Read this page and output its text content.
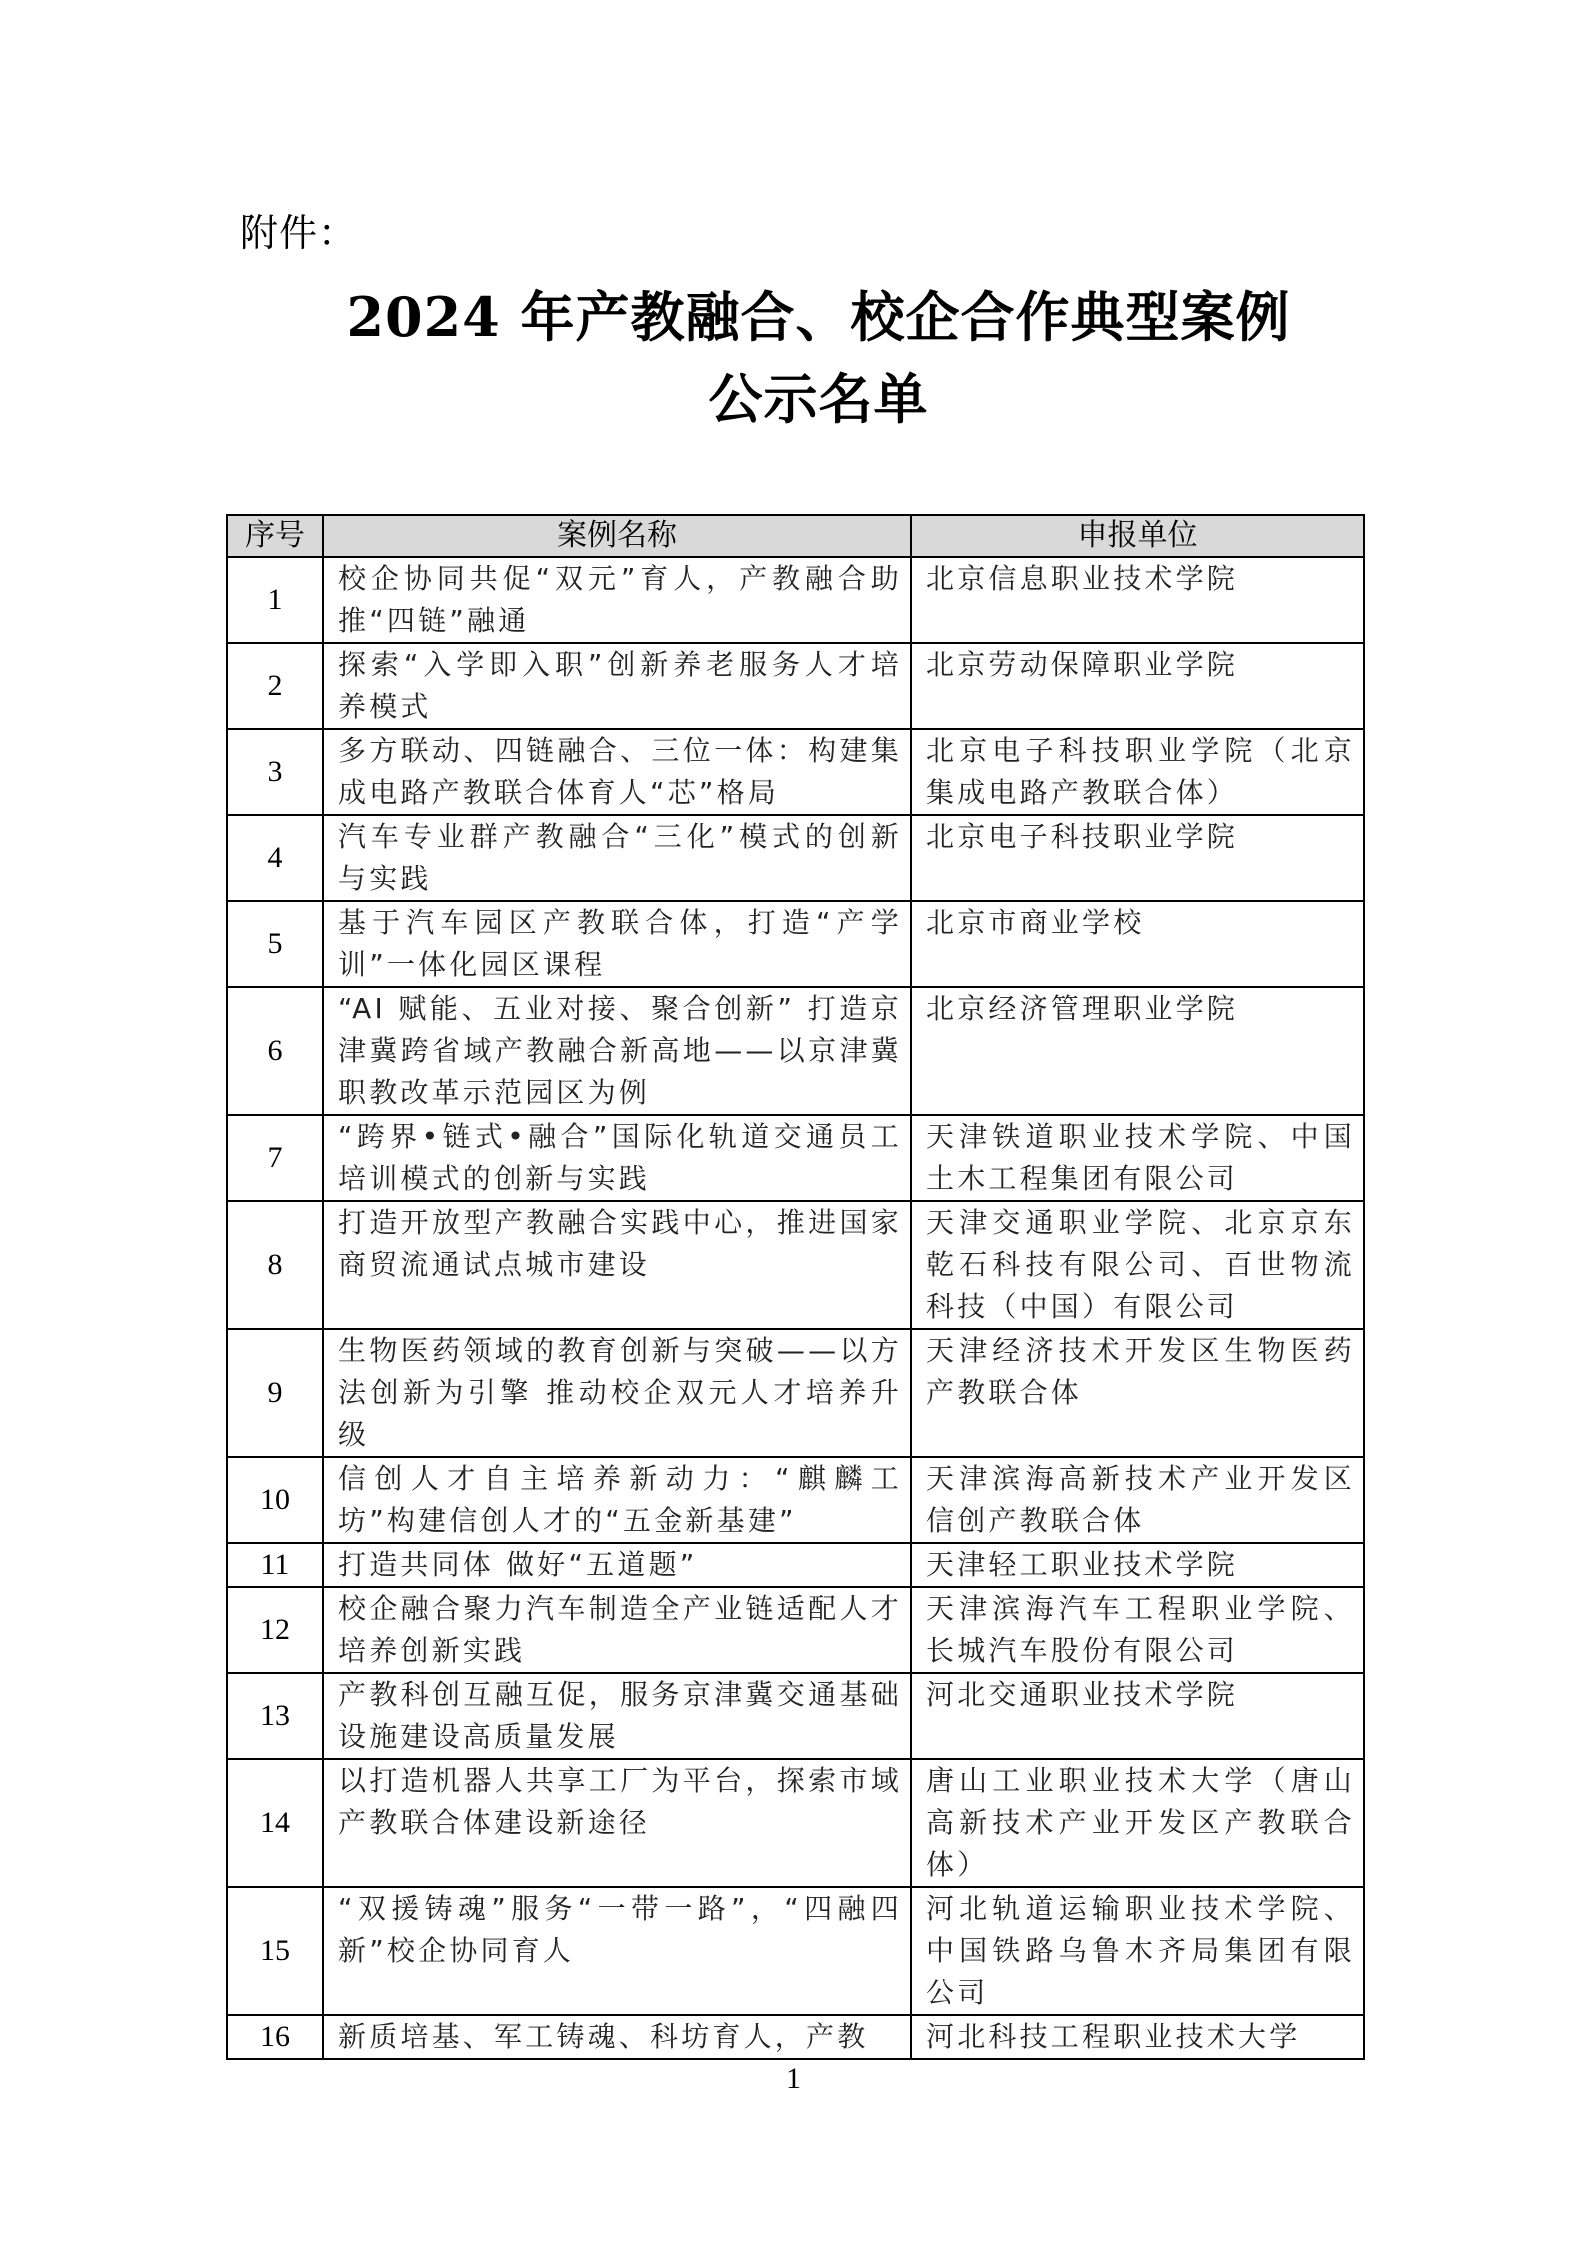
附件：
2024 年产教融合、校企合作典型案例
公示名单
序号	案例名称	申报单位
1	校企协同共促“双元”育人，产教融合助推“四链”融通	北京信息职业技术学院
2	探索“入学即入职”创新养老服务人才培养模式	北京劳动保障职业学院
3	多方联动、四链融合、三位一体：构建集成电路产教联合体育人“芯”格局	北京电子科技职业学院（北京集成电路产教联合体）
4	汽车专业群产教融合“三化”模式的创新与实践	北京电子科技职业学院
5	基于汽车园区产教联合体，打造“产学训”一体化园区课程	北京市商业学校
6	“AI 赋能、五业对接、聚合创新” 打造京津冀跨省域产教融合新高地——以京津冀职教改革示范园区为例	北京经济管理职业学院
7	“跨界•链式•融合”国际化轨道交通员工培训模式的创新与实践	天津铁道职业技术学院、中国土木工程集团有限公司
8	打造开放型产教融合实践中心，推进国家商贸流通试点城市建设	天津交通职业学院、北京京东乾石科技有限公司、百世物流科技（中国）有限公司
9	生物医药领域的教育创新与突破——以方法创新为引擎 推动校企双元人才培养升级	天津经济技术开发区生物医药产教联合体
10	信创人才自主培养新动力：“麒麟工坊”构建信创人才的“五金新基建”	天津滨海高新技术产业开发区信创产教联合体
11	打造共同体 做好“五道题”	天津轻工职业技术学院
12	校企融合聚力汽车制造全产业链适配人才培养创新实践	天津滨海汽车工程职业学院、长城汽车股份有限公司
13	产教科创互融互促，服务京津冀交通基础设施建设高质量发展	河北交通职业技术学院
14	以打造机器人共享工厂为平台，探索市域产教联合体建设新途径	唐山工业职业技术大学（唐山高新技术产业开发区产教联合体）
15	“双援铸魂”服务“一带一路”，“四融四新”校企协同育人	河北轨道运输职业技术学院、中国铁路乌鲁木齐局集团有限公司
16	新质培基、军工铸魂、科坊育人，产教	河北科技工程职业技术大学
1
